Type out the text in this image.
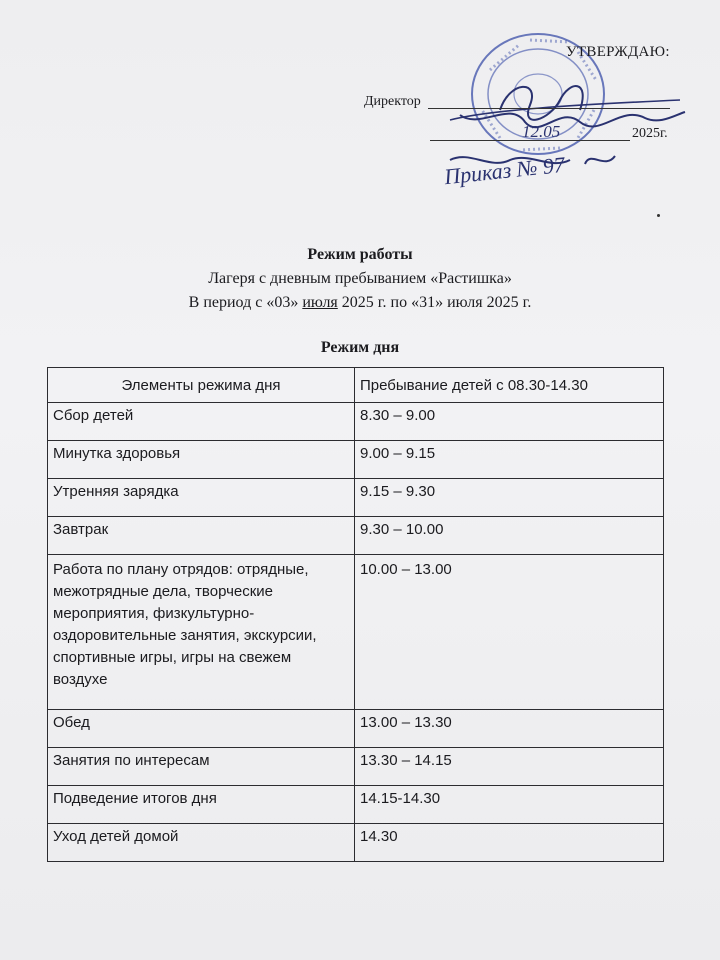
12.05
Приказ № 97
УТВЕРЖДАЮ:
Директор
2025г.
Режим работы
Лагеря с дневным пребыванием «Растишка»
В период с «03» июля 2025 г. по «31» июля 2025 г.
Режим дня
Элементы режима дня	Пребывание детей с 08.30-14.30
Сбор детей	8.30 – 9.00
Минутка здоровья	9.00 – 9.15
Утренняя зарядка	9.15 – 9.30
Завтрак	9.30 – 10.00
Работа по плану отрядов: отрядные, межотрядные дела, творческие мероприятия, физкультурно-оздоровительные занятия, экскурсии, спортивные игры, игры на свежем воздухе	10.00 – 13.00
Обед	13.00 – 13.30
Занятия по интересам	13.30 – 14.15
Подведение итогов дня	14.15-14.30
Уход детей домой	14.30
